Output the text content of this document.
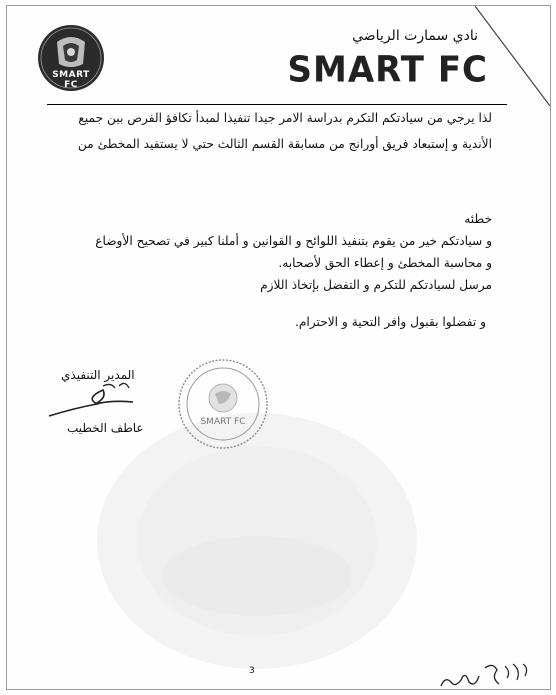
SMART FC
نادي سمارت الرياضي
SMART FC
لذا يرجي من سيادتكم التكرم بدراسة الامر جيدا تنفيذا لمبدأ تكافؤ الفرص بين جميع
الأندية و إستبعاد فريق أورانج من مسابقة القسم الثالث حتي لا يستفيد المخطئ من
خطئه
و سيادتكم خير من يقوم بتنفيذ اللوائح و القوانين و أملنا كبير في تصحيح الأوضاع
و محاسبة المخطئ و إعطاء الحق لأصحابه.
مرسل لسيادتكم للتكرم و التفضل بإتخاذ اللازم
و تفضلوا بقبول وافر التحية و الاحترام.
المدير التنفيذي
عاطف الخطيب	SMART FC
3
